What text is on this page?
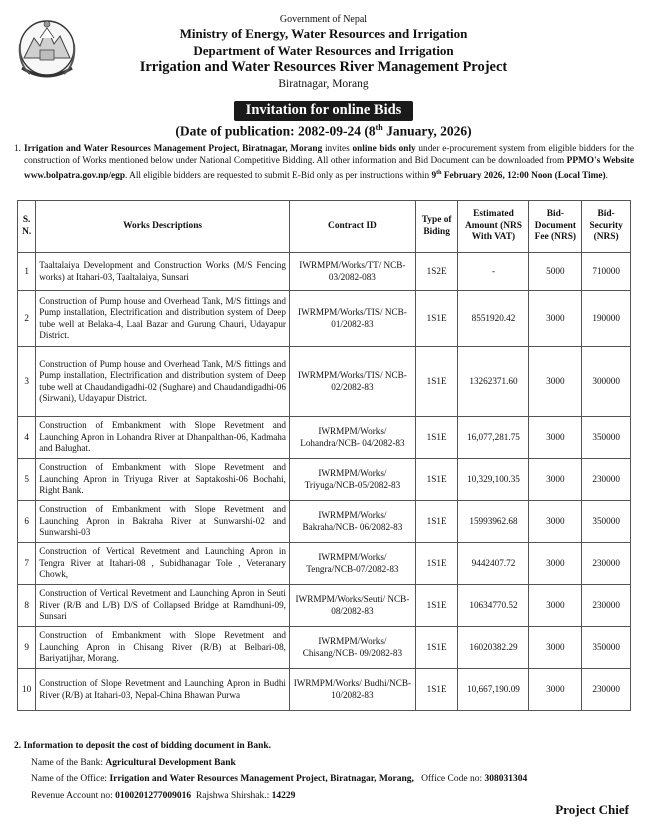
Government of Nepal
Ministry of Energy, Water Resources and Irrigation
Department of Water Resources and Irrigation
Irrigation and Water Resources River Management Project
Biratnagar, Morang
Invitation for online Bids
(Date of publication: 2082-09-24 (8th January, 2026)
1. Irrigation and Water Resources Management Project, Biratnagar, Morang invites online bids only under e-procurement system from eligible bidders for the construction of Works mentioned below under National Competitive Bidding. All other information and Bid Document can be downloaded from PPMO's Website www.bolpatra.gov.np/egp. All eligible bidders are requested to submit E-Bid only as per instructions within 9th February 2026, 12:00 Noon (Local Time).
S. N.	Works Descriptions	Contract ID	Type of Biding	Estimated Amount (NRS With VAT)	Bid-Document Fee (NRS)	Bid-Security (NRS)
1	Taaltalaiya Development and Construction Works (M/S Fencing works) at Itahari-03, Taaltalaiya, Sunsari	IWRMPM/Works/TT/ NCB-03/2082-083	1S2E	-	5000	710000
2	Construction of Pump house and Overhead Tank, M/S fittings and Pump installation, Electrification and distribution system of Deep tube well at Belaka-4, Laal Bazar and Gurung Chauri, Udayapur District.	IWRMPM/Works/TIS/ NCB-01/2082-83	1S1E	8551920.42	3000	190000
3	Construction of Pump house and Overhead Tank, M/S fittings and Pump installation, Electrification and distribution system of Deep tube well at Chaudandigadhi-02 (Sughare) and Chaudandigadhi-06 (Sirwani), Udayapur District.	IWRMPM/Works/TIS/ NCB-02/2082-83	1S1E	13262371.60	3000	300000
4	Construction of Embankment with Slope Revetment and Launching Apron in Lohandra River at Dhanpalthan-06, Kadmaha and Balughat.	IWRMPM/Works/ Lohandra/NCB- 04/2082-83	1S1E	16,077,281.75	3000	350000
5	Construction of Embankment with Slope Revetment and Launching Apron in Triyuga River at Saptakoshi-06 Bochahi, Right Bank.	IWRMPM/Works/ Triyuga/NCB-05/2082-83	1S1E	10,329,100.35	3000	230000
6	Construction of Embankment with Slope Revetment and Launching Apron in Bakraha River at Sunwarshi-02 and Sunwarshi-03	IWRMPM/Works/ Bakraha/NCB- 06/2082-83	1S1E	15993962.68	3000	350000
7	Construction of Vertical Revetment and Launching Apron in Tengra River at Itahari-08 , Subidhanagar Tole , Veteranary Chowk,	IWRMPM/Works/ Tengra/NCB-07/2082-83	1S1E	9442407.72	3000	230000
8	Construction of Vertical Revetment and Launching Apron in Seuti River (R/B and L/B) D/S of Collapsed Bridge at Ramdhuni-09, Sunsari	IWRMPM/Works/Seuti/ NCB-08/2082-83	1S1E	10634770.52	3000	230000
9	Construction of Embankment with Slope Revetment and Launching Apron in Chisang River (R/B) at Belbari-08, Bariyatijhar, Morang.	IWRMPM/Works/ Chisang/NCB- 09/2082-83	1S1E	16020382.29	3000	350000
10	Construction of Slope Revetment and Launching Apron in Budhi River (R/B) at Itahari-03, Nepal-China Bhawan Purwa	IWRMPM/Works/ Budhi/NCB-10/2082-83	1S1E	10,667,190.09	3000	230000
2. Information to deposit the cost of bidding document in Bank.
Name of the Bank: Agricultural Development Bank
Name of the Office: Irrigation and Water Resources Management Project, Biratnagar, Morang, Office Code no: 308031304
Revenue Account no: 0100201277009016 Rajshwa Shirshak.: 14229
Project Chief
